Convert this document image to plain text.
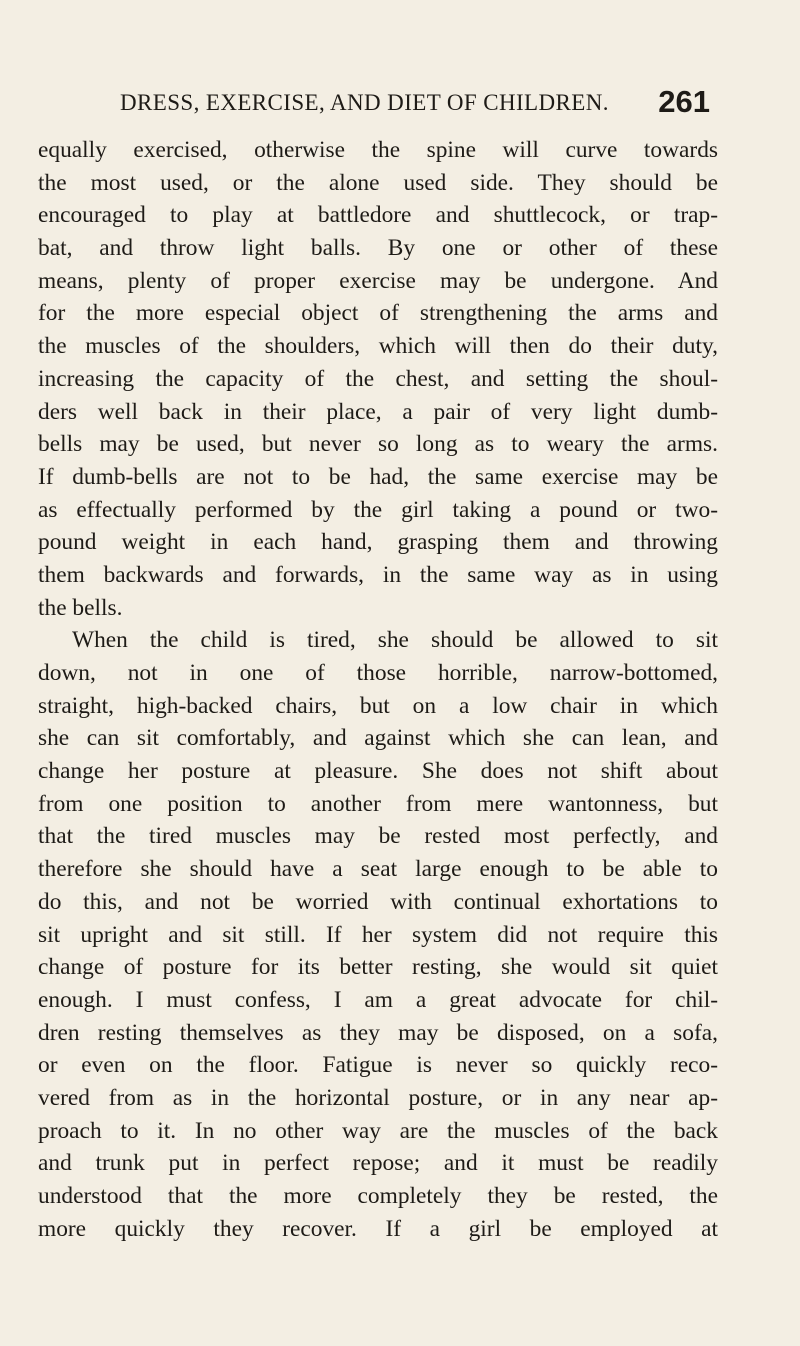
DRESS, EXERCISE, AND DIET OF CHILDREN. 261
equally exercised, otherwise the spine will curve towards
the most used, or the alone used side. They should be
encouraged to play at battledore and shuttlecock, or trap-
bat, and throw light balls. By one or other of these
means, plenty of proper exercise may be undergone. And
for the more especial object of strengthening the arms and
the muscles of the shoulders, which will then do their duty,
increasing the capacity of the chest, and setting the shoul-
ders well back in their place, a pair of very light dumb-
bells may be used, but never so long as to weary the arms.
If dumb-bells are not to be had, the same exercise may be
as effectually performed by the girl taking a pound or two-
pound weight in each hand, grasping them and throwing
them backwards and forwards, in the same way as in using
the bells.
When the child is tired, she should be allowed to sit
down, not in one of those horrible, narrow-bottomed,
straight, high-backed chairs, but on a low chair in which
she can sit comfortably, and against which she can lean, and
change her posture at pleasure. She does not shift about
from one position to another from mere wantonness, but
that the tired muscles may be rested most perfectly, and
therefore she should have a seat large enough to be able to
do this, and not be worried with continual exhortations to
sit upright and sit still. If her system did not require this
change of posture for its better resting, she would sit quiet
enough. I must confess, I am a great advocate for chil-
dren resting themselves as they may be disposed, on a sofa,
or even on the floor. Fatigue is never so quickly reco-
vered from as in the horizontal posture, or in any near ap-
proach to it. In no other way are the muscles of the back
and trunk put in perfect repose; and it must be readily
understood that the more completely they be rested, the
more quickly they recover. If a girl be employed at
